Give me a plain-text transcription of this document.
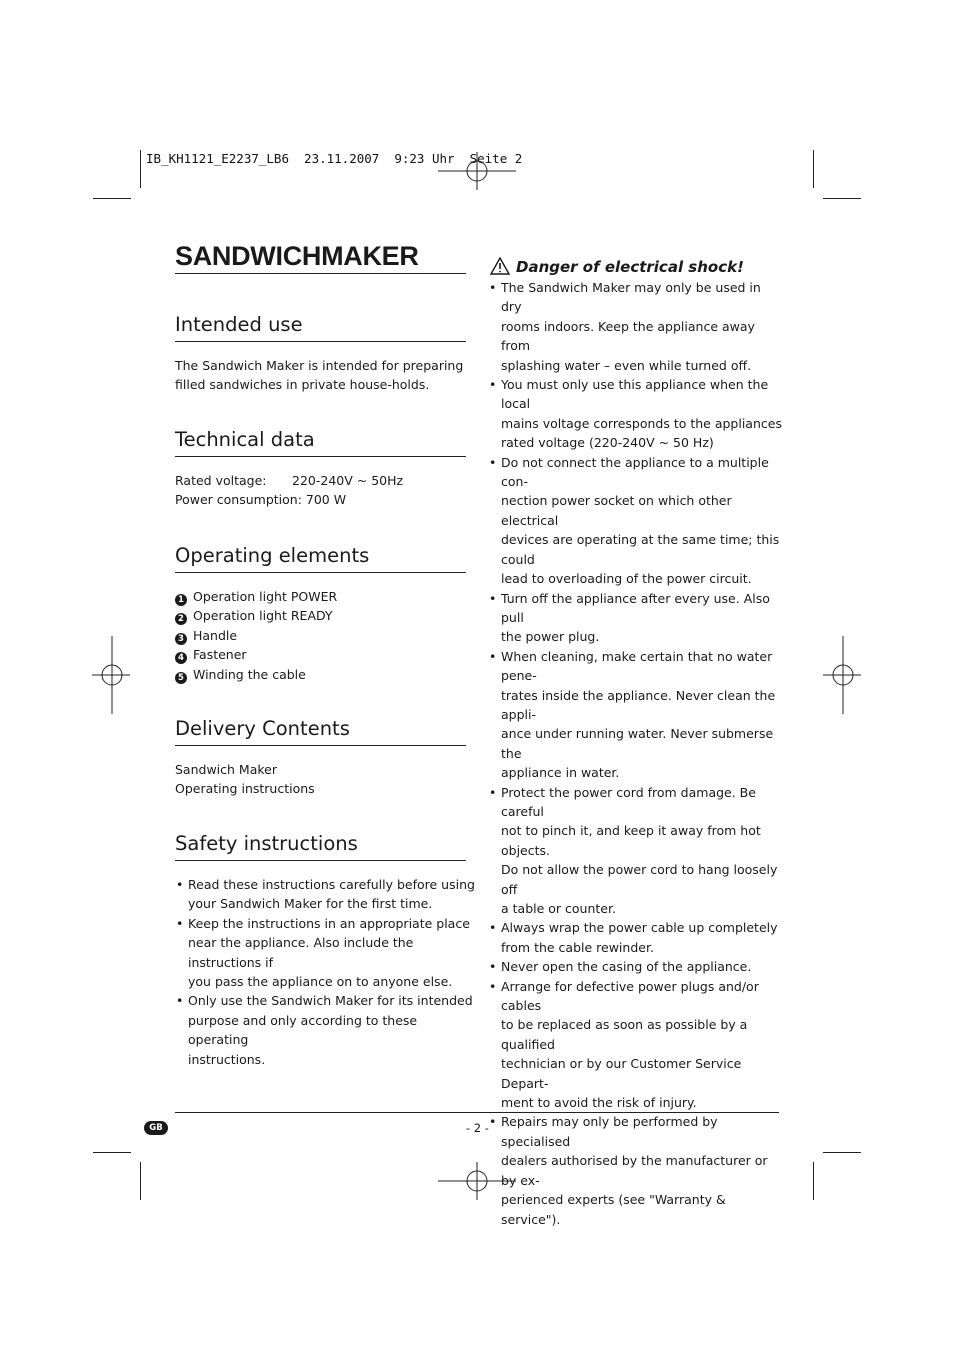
IB_KH1121_E2237_LB6  23.11.2007  9:23 Uhr  Seite 2
SANDWICHMAKER
Intended use
The Sandwich Maker is intended for preparing
filled sandwiches in private house-holds.
Technical data
Rated voltage: 220-240V ~ 50Hz
Power consumption: 700 W
Operating elements
1 Operation light POWER
2 Operation light READY
3 Handle
4 Fastener
5 Winding the cable
Delivery Contents
Sandwich Maker
Operating instructions
Safety instructions
• Read these instructions carefully before using
your Sandwich Maker for the first time.
• Keep the instructions in an appropriate place
near the appliance. Also include the instructions if
you pass the appliance on to anyone else.
• Only use the Sandwich Maker for its intended
purpose and only according to these operating
instructions.
Danger of electrical shock!
• The Sandwich Maker may only be used in dry
rooms indoors. Keep the appliance away from
splashing water – even while turned off.
• You must only use this appliance when the local
mains voltage corresponds to the appliances
rated voltage (220-240V ~ 50 Hz)
• Do not connect the appliance to a multiple con-
nection power socket on which other electrical
devices are operating at the same time; this could
lead to overloading of the power circuit.
• Turn off the appliance after every use. Also pull
the power plug.
• When cleaning, make certain that no water pene-
trates inside the appliance. Never clean the appli-
ance under running water. Never submerse the
appliance in water.
• Protect the power cord from damage. Be careful
not to pinch it, and keep it away from hot objects.
Do not allow the power cord to hang loosely off
a table or counter.
• Always wrap the power cable up completely
from the cable rewinder.
• Never open the casing of the appliance.
• Arrange for defective power plugs and/or cables
to be replaced as soon as possible by a qualified
technician or by our Customer Service Depart-
ment to avoid the risk of injury.
• Repairs may only be performed by specialised
dealers authorised by the manufacturer or by ex-
perienced experts (see "Warranty & service").
GB	- 2 -
